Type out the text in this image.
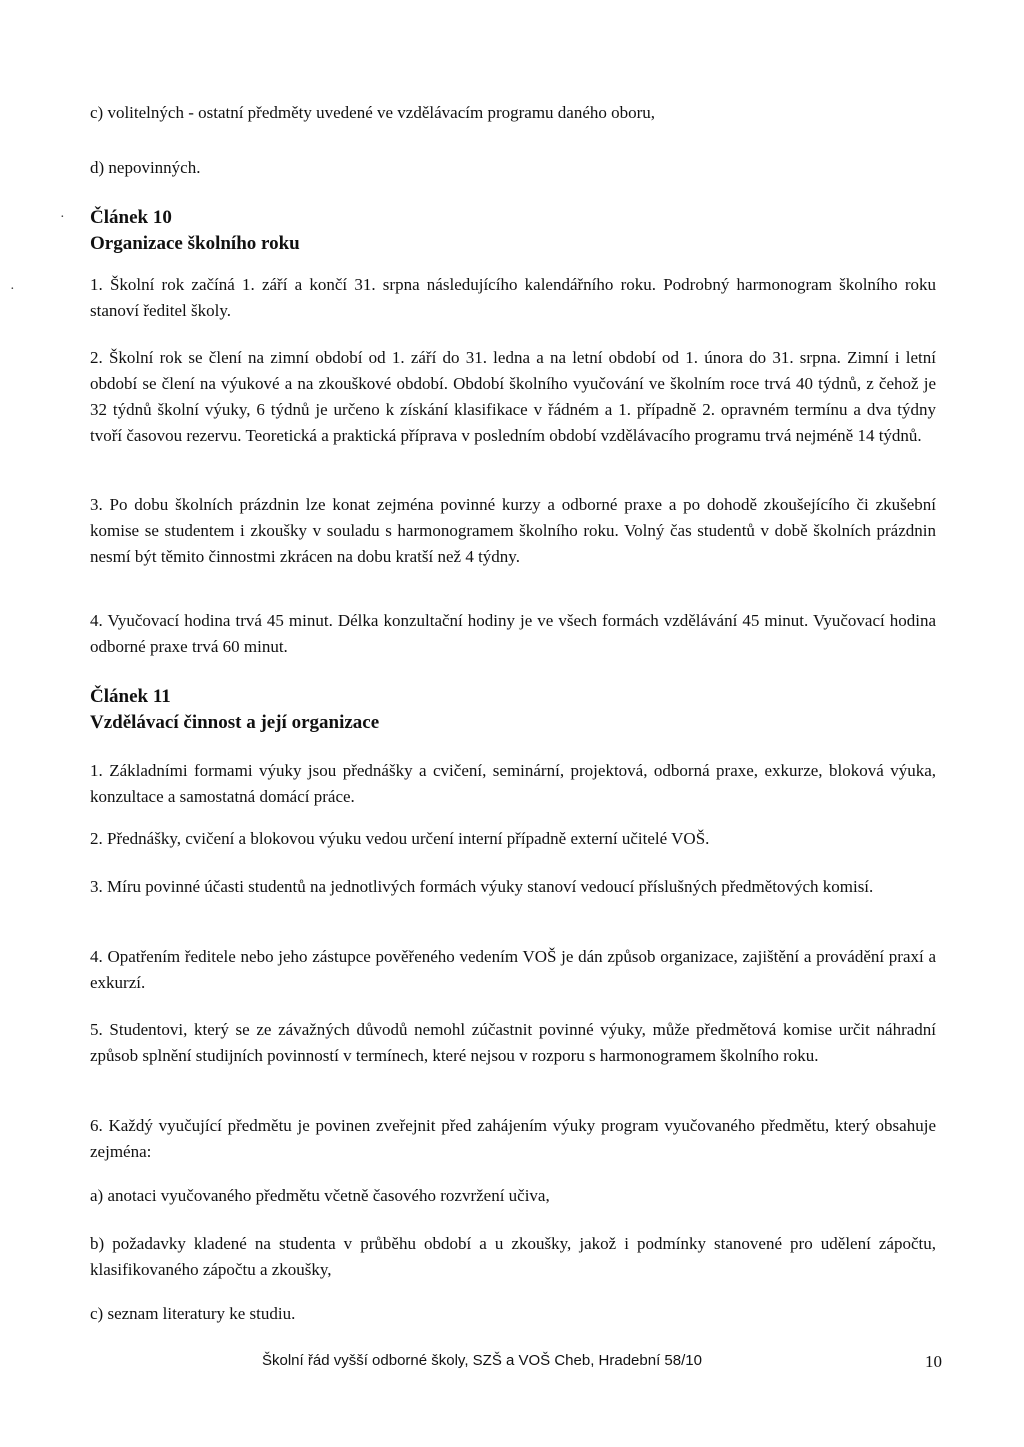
c) volitelných - ostatní předměty uvedené ve vzdělávacím programu daného oboru,
d) nepovinných.
·
·
Článek 10
Organizace školního roku
1. Školní rok začíná 1. září a končí 31. srpna následujícího kalendářního roku. Podrobný harmonogram školního roku stanoví ředitel školy.
2. Školní rok se člení na zimní období od 1. září do 31. ledna a na letní období od 1. února do 31. srpna. Zimní i letní období se člení na výukové a na zkouškové období. Období školního vyučování ve školním roce trvá 40 týdnů, z čehož je 32 týdnů školní výuky, 6 týdnů je určeno k získání klasifikace v řádném a 1. případně 2. opravném termínu a dva týdny tvoří časovou rezervu. Teoretická a praktická příprava v posledním období vzdělávacího programu trvá nejméně 14 týdnů.
3. Po dobu školních prázdnin lze konat zejména povinné kurzy a odborné praxe a po dohodě zkoušejícího či zkušební komise se studentem i zkoušky v souladu s harmonogramem školního roku. Volný čas studentů v době školních prázdnin nesmí být těmito činnostmi zkrácen na dobu kratší než 4 týdny.
4. Vyučovací hodina trvá 45 minut. Délka konzultační hodiny je ve všech formách vzdělávání 45 minut. Vyučovací hodina odborné praxe trvá 60 minut.
Článek 11
Vzdělávací činnost a její organizace
1. Základními formami výuky jsou přednášky a cvičení, seminární, projektová, odborná praxe, exkurze, bloková výuka, konzultace a samostatná domácí práce.
2. Přednášky, cvičení a blokovou výuku vedou určení interní případně externí učitelé VOŠ.
3. Míru povinné účasti studentů na jednotlivých formách výuky stanoví vedoucí příslušných předmětových komisí.
4. Opatřením ředitele nebo jeho zástupce pověřeného vedením VOŠ je dán způsob organizace, zajištění a provádění praxí a exkurzí.
5. Studentovi, který se ze závažných důvodů nemohl zúčastnit povinné výuky, může předmětová komise určit náhradní způsob splnění studijních povinností v termínech, které nejsou v rozporu s harmonogramem školního roku.
6. Každý vyučující předmětu je povinen zveřejnit před zahájením výuky program vyučovaného předmětu, který obsahuje zejména:
a) anotaci vyučovaného předmětu včetně časového rozvržení učiva,
b) požadavky kladené na studenta v průběhu období a u zkoušky, jakož i podmínky stanovené pro udělení zápočtu, klasifikovaného zápočtu a zkoušky,
c) seznam literatury ke studiu.
Školní řád vyšší odborné školy, SZŠ a VOŠ Cheb, Hradební 58/10	10
